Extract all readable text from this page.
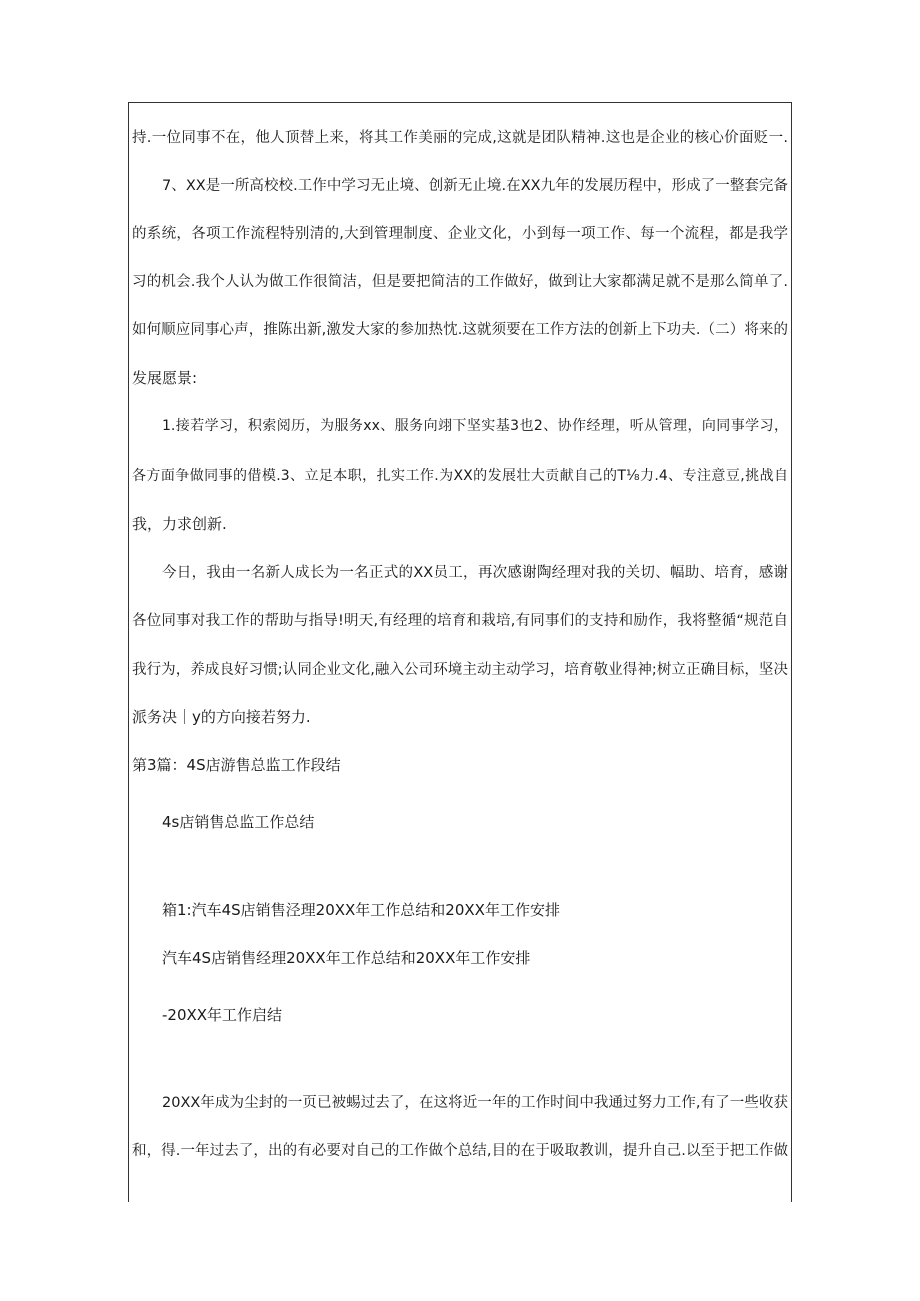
持.一位同事不在，他人顶替上来，将其工作美丽的完成,这就是团队精神.这也是企业的核心价面贬一.
7、XX是一所高校校.工作中学习无止境、创新无止境.在XX九年的发展历程中，形成了一整套完备
的系统，各项工作流程特别清的,大到管理制度、企业文化，小到每一项工作、每一个流程，都是我学
习的机会.我个人认为做工作很简洁，但是要把简洁的工作做好，做到让大家都满足就不是那么简单了.
如何顺应同事心声，推陈出新,激发大家的参加热忱.这就须要在工作方法的创新上下功夫.（二）将来的
发展愿景:
1.接若学习，积索阅历，为服务xx、服务向翊下坚实基3也2、协作经理，听从管理，向同事学习，
各方面争做同事的借模.3、立足本职，扎实工作.为XX的发展壮大贡献自己的T⅛力.4、专注意豆,挑战自
我，力求创新.
今日，我由一名新人成长为一名正式的XX员工，再次感谢陶经理对我的关切、幅助、培育，感谢
各位同事对我工作的帮助与指导!明天,有经理的培育和栽培,有同事们的支持和励作，我将整循“规范自
我行为，养成良好习惯;认同企业文化,融入公司环境主动主动学习，培育敬业得神;树立正确目标，坚决
派务决｜y的方向接若努力.
第3篇：4S店游售总监工作段结
4s店销售总监工作总结
箱1:汽车4S店销售泾理20XX年工作总结和20XX年工作安排
汽车4S店销售经理20XX年工作总结和20XX年工作安排
-20XX年工作启结
20XX年成为尘封的一页已被蜴过去了，在这将近一年的工作时间中我通过努力工作,有了一些收获
和，得.一年过去了，出的有必要对自己的工作做个总结,目的在于吸取教训，提升自己.以至于把工作做
